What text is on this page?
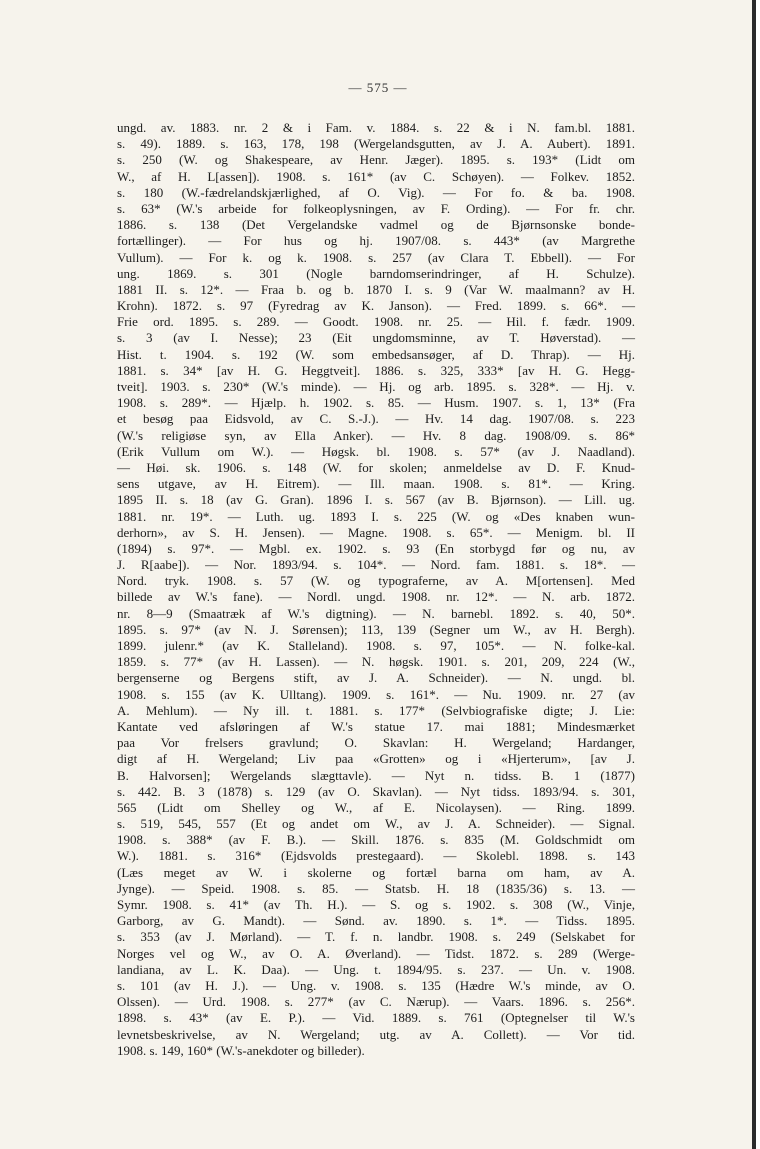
— 575 —
ungd. av. 1883. nr. 2 & i Fam. v. 1884. s. 22 & i N. fam.bl. 1881.
s. 49). 1889. s. 163, 178, 198 (Wergelandsgutten, av J. A. Aubert). 1891.
s. 250 (W. og Shakespeare, av Henr. Jæger). 1895. s. 193* (Lidt om
W., af H. L[assen]). 1908. s. 161* (av C. Schøyen). — Folkev. 1852.
s. 180 (W.-fædrelandskjærlighed, af O. Vig). — For fo. & ba. 1908.
s. 63* (W.'s arbeide for folkeoplysningen, av F. Ording). — For fr. chr.
1886. s. 138 (Det Vergelandske vadmel og de Bjørnsonske bonde-
fortællinger). — For hus og hj. 1907/08. s. 443* (av Margrethe
Vullum). — For k. og k. 1908. s. 257 (av Clara T. Ebbell). — For
ung. 1869. s. 301 (Nogle barndomserindringer, af H. Schulze).
1881 II. s. 12*. — Fraa b. og b. 1870 I. s. 9 (Var W. maalmann? av H.
Krohn). 1872. s. 97 (Fyredrag av K. Janson). — Fred. 1899. s. 66*. —
Frie ord. 1895. s. 289. — Goodt. 1908. nr. 25. — Hil. f. fædr. 1909.
s. 3 (av I. Nesse); 23 (Eit ungdomsminne, av T. Høverstad). —
Hist. t. 1904. s. 192 (W. som embedsansøger, af D. Thrap). — Hj.
1881. s. 34* [av H. G. Heggtveit]. 1886. s. 325, 333* [av H. G. Hegg-
tveit]. 1903. s. 230* (W.'s minde). — Hj. og arb. 1895. s. 328*. — Hj. v.
1908. s. 289*. — Hjælp. h. 1902. s. 85. — Husm. 1907. s. 1, 13* (Fra
et besøg paa Eidsvold, av C. S.-J.). — Hv. 14 dag. 1907/08. s. 223
(W.'s religiøse syn, av Ella Anker). — Hv. 8 dag. 1908/09. s. 86*
(Erik Vullum om W.). — Høgsk. bl. 1908. s. 57* (av J. Naadland).
— Høi. sk. 1906. s. 148 (W. for skolen; anmeldelse av D. F. Knud-
sens utgave, av H. Eitrem). — Ill. maan. 1908. s. 81*. — Kring.
1895 II. s. 18 (av G. Gran). 1896 I. s. 567 (av B. Bjørnson). — Lill. ug.
1881. nr. 19*. — Luth. ug. 1893 I. s. 225 (W. og «Des knaben wun-
derhorn», av S. H. Jensen). — Magne. 1908. s. 65*. — Menigm. bl. II
(1894) s. 97*. — Mgbl. ex. 1902. s. 93 (En storbygd før og nu, av
J. R[aabe]). — Nor. 1893/94. s. 104*. — Nord. fam. 1881. s. 18*. —
Nord. tryk. 1908. s. 57 (W. og typograferne, av A. M[ortensen]. Med
billede av W.'s fane). — Nordl. ungd. 1908. nr. 12*. — N. arb. 1872.
nr. 8—9 (Smaatræk af W.'s digtning). — N. barnebl. 1892. s. 40, 50*.
1895. s. 97* (av N. J. Sørensen); 113, 139 (Segner um W., av H. Bergh).
1899. julenr.* (av K. Stalleland). 1908. s. 97, 105*. — N. folke-kal.
1859. s. 77* (av H. Lassen). — N. høgsk. 1901. s. 201, 209, 224 (W.,
bergenserne og Bergens stift, av J. A. Schneider). — N. ungd. bl.
1908. s. 155 (av K. Ulltang). 1909. s. 161*. — Nu. 1909. nr. 27 (av
A. Mehlum). — Ny ill. t. 1881. s. 177* (Selvbiografiske digte; J. Lie:
Kantate ved afsløringen af W.'s statue 17. mai 1881; Mindesmærket
paa Vor frelsers gravlund; O. Skavlan: H. Wergeland; Hardanger,
digt af H. Wergeland; Liv paa «Grotten» og i «Hjerterum», [av J.
B. Halvorsen]; Wergelands slægttavle). — Nyt n. tidss. B. 1 (1877)
s. 442. B. 3 (1878) s. 129 (av O. Skavlan). — Nyt tidss. 1893/94. s. 301,
565 (Lidt om Shelley og W., af E. Nicolaysen). — Ring. 1899.
s. 519, 545, 557 (Et og andet om W., av J. A. Schneider). — Signal.
1908. s. 388* (av F. B.). — Skill. 1876. s. 835 (M. Goldschmidt om
W.). 1881. s. 316* (Ejdsvolds prestegaard). — Skolebl. 1898. s. 143
(Læs meget av W. i skolerne og fortæl barna om ham, av A.
Jynge). — Speid. 1908. s. 85. — Statsb. H. 18 (1835/36) s. 13. —
Symr. 1908. s. 41* (av Th. H.). — S. og s. 1902. s. 308 (W., Vinje,
Garborg, av G. Mandt). — Sønd. av. 1890. s. 1*. — Tidss. 1895.
s. 353 (av J. Mørland). — T. f. n. landbr. 1908. s. 249 (Selskabet for
Norges vel og W., av O. A. Øverland). — Tidst. 1872. s. 289 (Werge-
landiana, av L. K. Daa). — Ung. t. 1894/95. s. 237. — Un. v. 1908.
s. 101 (av H. J.). — Ung. v. 1908. s. 135 (Hædre W.'s minde, av O.
Olssen). — Urd. 1908. s. 277* (av C. Nærup). — Vaars. 1896. s. 256*.
1898. s. 43* (av E. P.). — Vid. 1889. s. 761 (Optegnelser til W.'s
levnetsbeskrivelse, av N. Wergeland; utg. av A. Collett). — Vor tid.
1908. s. 149, 160* (W.'s-anekdoter og billeder).
